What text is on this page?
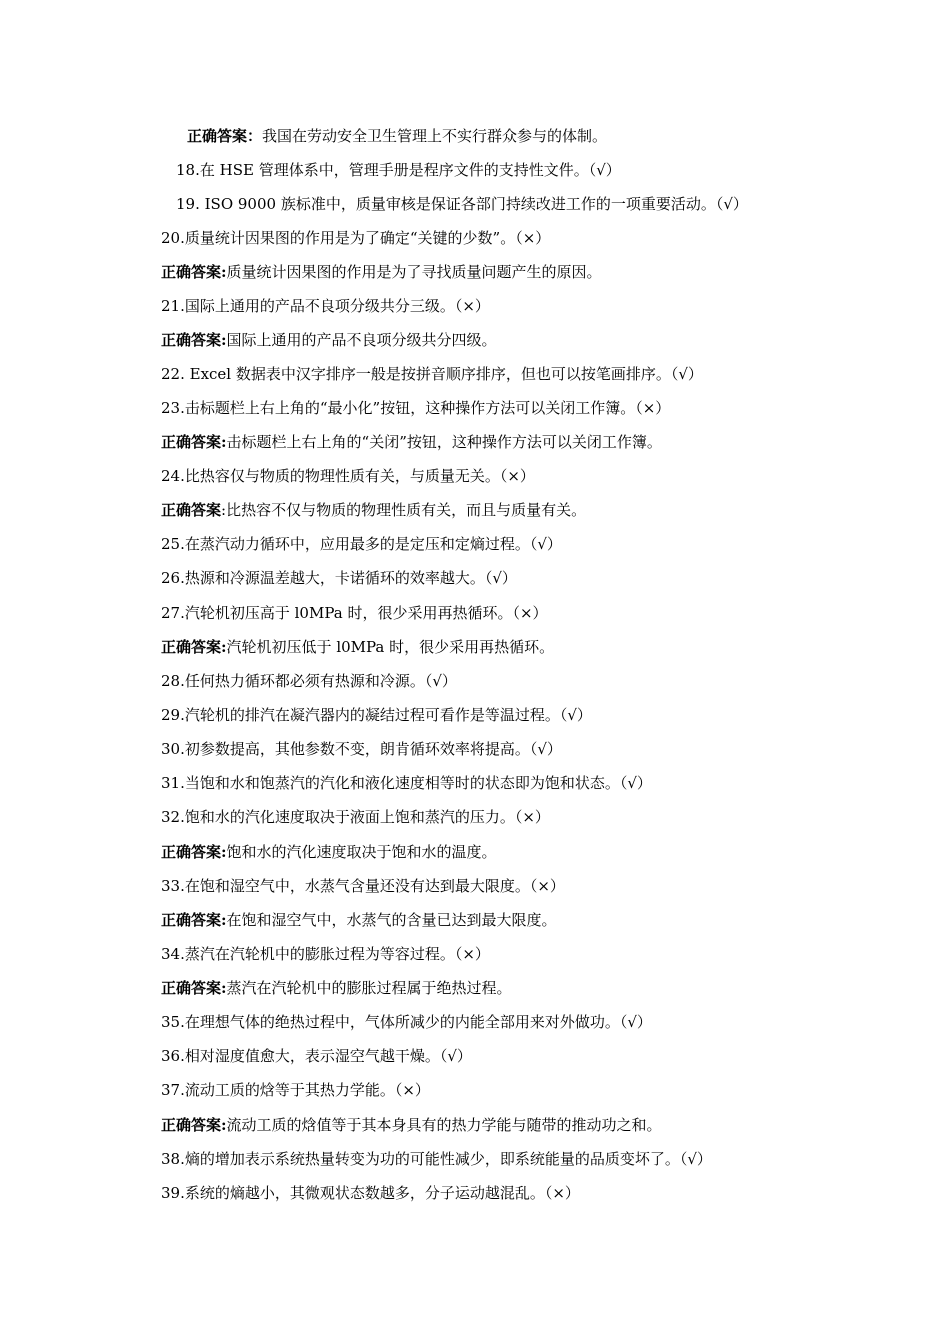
正确答案：我国在劳动安全卫生管理上不实行群众参与的体制。
18.在 HSE 管理体系中，管理手册是程序文件的支持性文件。（√）
19. ISO 9000 族标准中，质量审核是保证各部门持续改进工作的一项重要活动。（√）
20.质量统计因果图的作用是为了确定“关键的少数”。（×）
正确答案:质量统计因果图的作用是为了寻找质量问题产生的原因。
21.国际上通用的产品不良项分级共分三级。（×）
正确答案:国际上通用的产品不良项分级共分四级。
22. Excel 数据表中汉字排序一般是按拼音顺序排序，但也可以按笔画排序。（√）
23.击标题栏上右上角的“最小化”按钮，这种操作方法可以关闭工作簿。（×）
正确答案:击标题栏上右上角的“关闭”按钮，这种操作方法可以关闭工作簿。
24.比热容仅与物质的物理性质有关，与质量无关。（×）
正确答案:比热容不仅与物质的物理性质有关，而且与质量有关。
25.在蒸汽动力循环中，应用最多的是定压和定熵过程。（√）
26.热源和冷源温差越大，卡诺循环的效率越大。（√）
27.汽轮机初压高于 l0MPa 时，很少采用再热循环。（×）
正确答案:汽轮机初压低于 l0MPa 时，很少采用再热循环。
28.任何热力循环都必须有热源和冷源。（√）
29.汽轮机的排汽在凝汽器内的凝结过程可看作是等温过程。（√）
30.初参数提高，其他参数不变，朗肯循环效率将提高。（√）
31.当饱和水和饱蒸汽的汽化和液化速度相等时的状态即为饱和状态。（√）
32.饱和水的汽化速度取决于液面上饱和蒸汽的压力。（×）
正确答案:饱和水的汽化速度取决于饱和水的温度。
33.在饱和湿空气中，水蒸气含量还没有达到最大限度。（×）
正确答案:在饱和湿空气中，水蒸气的含量已达到最大限度。
34.蒸汽在汽轮机中的膨胀过程为等容过程。（×）
正确答案:蒸汽在汽轮机中的膨胀过程属于绝热过程。
35.在理想气体的绝热过程中，气体所减少的内能全部用来对外做功。（√）
36.相对湿度值愈大，表示湿空气越干燥。（√）
37.流动工质的焓等于其热力学能。（×）
正确答案:流动工质的焓值等于其本身具有的热力学能与随带的推动功之和。
38.熵的增加表示系统热量转变为功的可能性减少，即系统能量的品质变坏了。（√）
39.系统的熵越小，其微观状态数越多，分子运动越混乱。（×）
